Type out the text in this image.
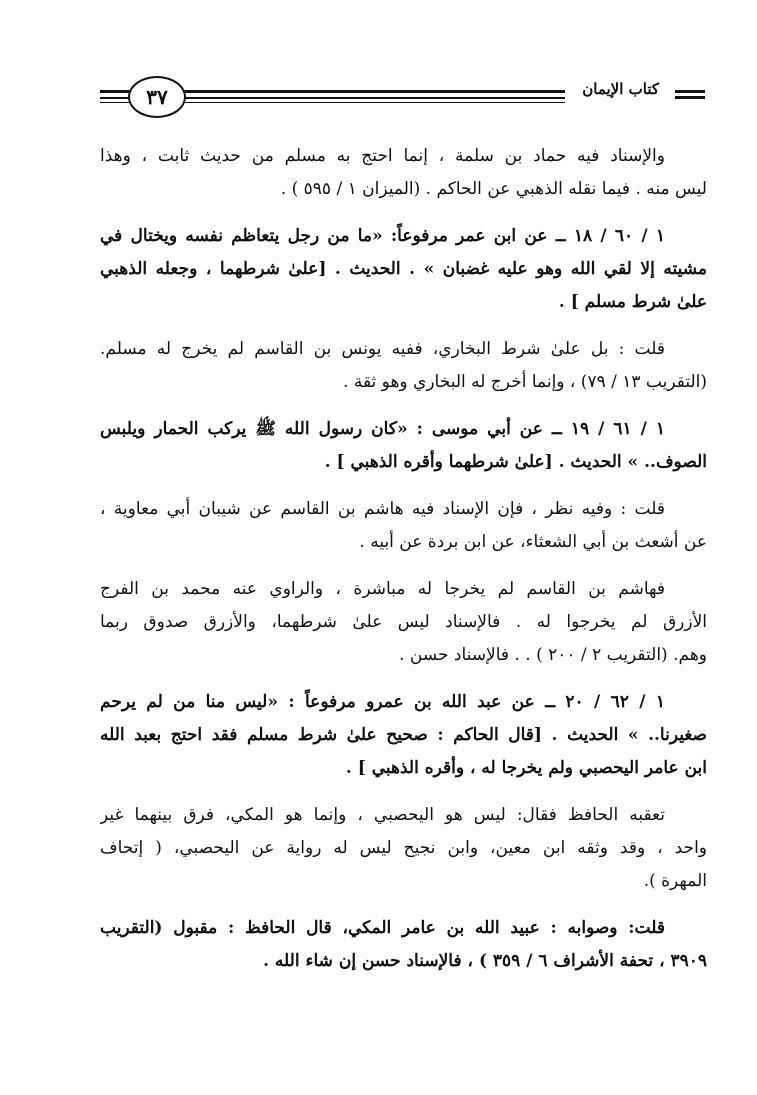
٣٧	كتاب الإيمان
والإسناد فيه حماد بن سلمة ، إنما احتج به مسلم من حديث ثابت ، وهذا
ليس منه . فيما نقله الذهبي عن الحاكم . (الميزان ١ / ٥٩٥ ) .
١ / ٦٠ / ١٨ ــ عن ابن عمر مرفوعاً: «ما من رجل يتعاظم نفسه ويختال في
مشيته إلا لقي الله وهو عليه غضبان » . الحديث . [علىٰ شرطهما ، وجعله الذهبي
علىٰ شرط مسلم ] .
قلت : بل علىٰ شرط البخاري، ففيه يونس بن القاسم لم يخرج له مسلم.
(التقريب ١٣ / ٧٩) ، وإنما أخرج له البخاري وهو ثقة .
١ / ٦١ / ١٩ ــ عن أبي موسى : «كان رسول الله ﷺ يركب الحمار ويلبس
الصوف.. » الحديث . [علىٰ شرطهما وأقره الذهبي ] .
قلت : وفيه نظر ، فإن الإسناد فيه هاشم بن القاسم عن شيبان أبي معاوية ،
عن أشعث بن أبي الشعثاء، عن ابن بردة عن أبيه .
فهاشم بن القاسم لم يخرجا له مباشرة ، والراوي عنه محمد بن الفرج
الأزرق لم يخرجوا له . فالإسناد ليس علىٰ شرطهما، والأزرق صدوق ربما
وهم. (التقريب ٢ / ٢٠٠ ) . . فالإسناد حسن .
١ / ٦٢ / ٢٠ ــ عن عبد الله بن عمرو مرفوعاً : «ليس منا من لم يرحم
صغيرنا.. » الحديث . [قال الحاكم : صحيح علىٰ شرط مسلم فقد احتج بعبد الله
ابن عامر اليحصبي ولم يخرجا له ، وأقره الذهبي ] .
تعقبه الحافظ فقال: ليس هو اليحصبي ، وإنما هو المكي، فرق بينهما غير
واحد ، وقد وثقه ابن معين، وابن نجيح ليس له رواية عن اليحصبي، ( إتحاف
المهرة ).
قلت: وصوابه : عبيد الله بن عامر المكي، قال الحافظ : مقبول (التقريب
٣٩٠٩ ، تحفة الأشراف ٦ / ٣٥٩ ) ، فالإسناد حسن إن شاء الله .
